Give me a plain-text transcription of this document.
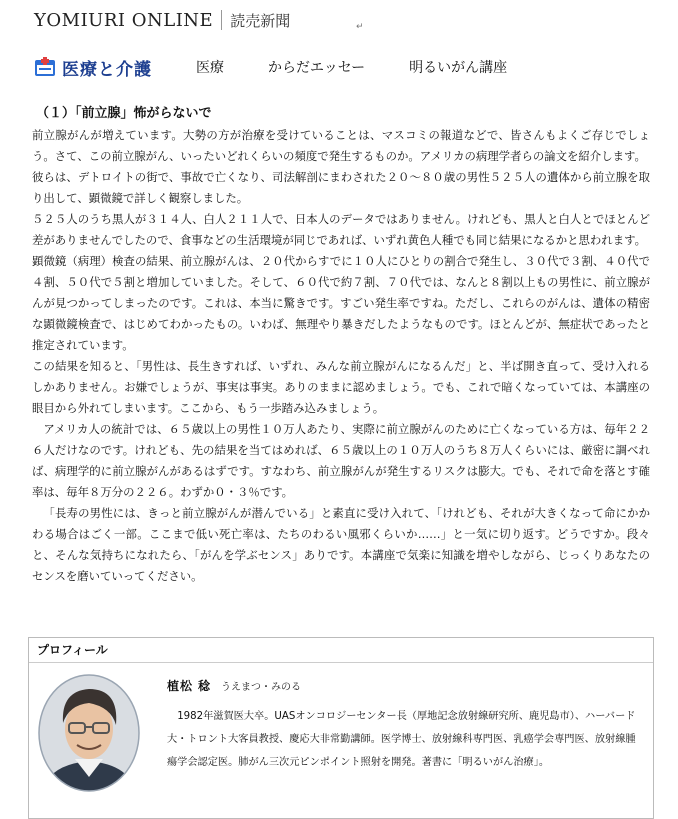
YOMIURI ONLINE 読売新聞	↵
医療と介護	医療	からだエッセー	明るいがん講座
（１）「前立腺」怖がらないで

前立腺がんが増えています。大勢の方が治療を受けていることは、マスコミの報道などで、皆さんもよくご存じでしょう。さて、この前立腺がん、いったいどれくらいの頻度で発生するものか。アメリカの病理学者らの論文を紹介します。

彼らは、デトロイトの街で、事故で亡くなり、司法解剖にまわされた２０〜８０歳の男性５２５人の遺体から前立腺を取り出して、顕微鏡で詳しく観察しました。

５２５人のうち黒人が３１４人、白人２１１人で、日本人のデータではありません。けれども、黒人と白人とでほとんど差がありませんでしたので、食事などの生活環境が同じであれば、いずれ黄色人種でも同じ結果になるかと思われます。

顕微鏡（病理）検査の結果、前立腺がんは、２０代からすでに１０人にひとりの割合で発生し、３０代で３割、４０代で４割、５０代で５割と増加していました。そして、６０代で約７割、７０代では、なんと８割以上もの男性に、前立腺がんが見つかってしまったのです。これは、本当に驚きです。すごい発生率ですね。ただし、これらのがんは、遺体の精密な顕微鏡検査で、はじめてわかったもの。いわば、無理やり暴きだしたようなものです。ほとんどが、無症状であったと推定されています。

この結果を知ると、「男性は、長生きすれば、いずれ、みんな前立腺がんになるんだ」と、半ば開き直って、受け入れるしかありません。お嫌でしょうが、事実は事実。ありのままに認めましょう。でも、これで暗くなっていては、本講座の眼目から外れてしまいます。ここから、もう一歩踏み込みましょう。

アメリカ人の統計では、６５歳以上の男性１０万人あたり、実際に前立腺がんのために亡くなっている方は、毎年２２６人だけなのです。けれども、先の結果を当てはめれば、６５歳以上の１０万人のうち８万人くらいには、厳密に調べれば、病理学的に前立腺がんがあるはずです。すなわち、前立腺がんが発生するリスクは膨大。でも、それで命を落とす確率は、毎年８万分の２２６。わずか０・３％です。

「長寿の男性には、きっと前立腺がんが潜んでいる」と素直に受け入れて、「けれども、それが大きくなって命にかかわる場合はごく一部。ここまで低い死亡率は、たちのわるい風邪くらいか……」と一気に切り返す。どうですか。段々と、そんな気持ちになれたら、「がんを学ぶセンス」ありです。本講座で気楽に知識を増やしながら、じっくりあなたのセンスを磨いていってください。

プロフィール
植松 稔 うえまつ・みのる

1982年滋賀医大卒。UASオンコロジーセンター長（厚地記念放射線研究所、鹿児島市）、ハーバード大・トロント大客員教授、慶応大非常勤講師。医学博士、放射線科専門医、乳癌学会専門医、放射線腫瘍学会認定医。肺がん三次元ピンポイント照射を開発。著書に「明るいがん治療」。
